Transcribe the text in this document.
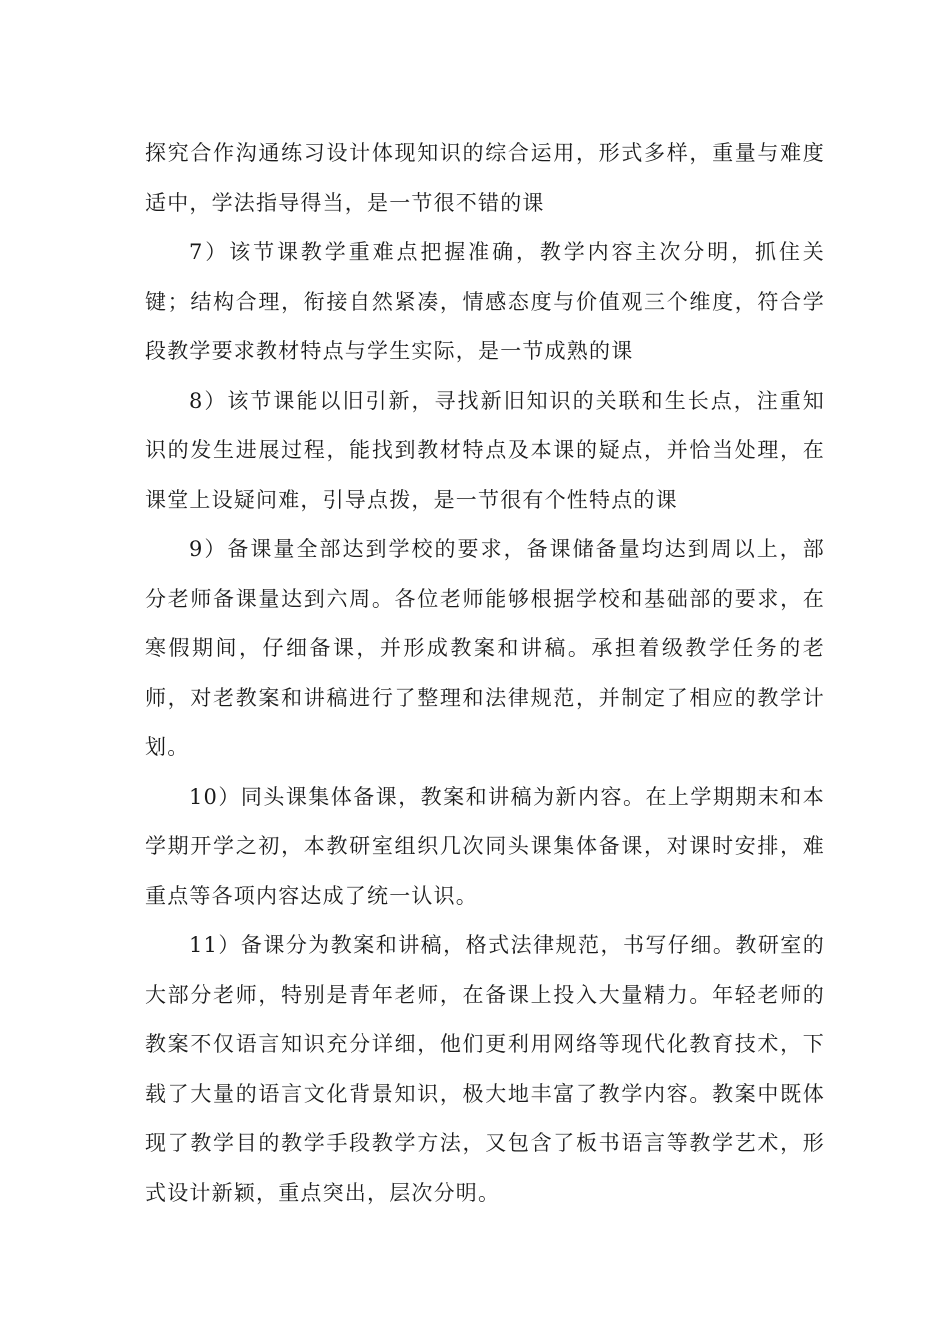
探究合作沟通练习设计体现知识的综合运用，形式多样，重量与难度适中，学法指导得当，是一节很不错的课

7）该节课教学重难点把握准确，教学内容主次分明，抓住关键；结构合理，衔接自然紧凑，情感态度与价值观三个维度，符合学段教学要求教材特点与学生实际，是一节成熟的课

8）该节课能以旧引新，寻找新旧知识的关联和生长点，注重知识的发生进展过程，能找到教材特点及本课的疑点，并恰当处理，在课堂上设疑问难，引导点拨，是一节很有个性特点的课

9）备课量全部达到学校的要求，备课储备量均达到周以上，部分老师备课量达到六周。各位老师能够根据学校和基础部的要求，在寒假期间，仔细备课，并形成教案和讲稿。承担着级教学任务的老师，对老教案和讲稿进行了整理和法律规范，并制定了相应的教学计划。

10）同头课集体备课，教案和讲稿为新内容。在上学期期末和本学期开学之初，本教研室组织几次同头课集体备课，对课时安排，难重点等各项内容达成了统一认识。

11）备课分为教案和讲稿，格式法律规范，书写仔细。教研室的大部分老师，特别是青年老师，在备课上投入大量精力。年轻老师的教案不仅语言知识充分详细，他们更利用网络等现代化教育技术，下载了大量的语言文化背景知识，极大地丰富了教学内容。教案中既体现了教学目的教学手段教学方法，又包含了板书语言等教学艺术，形式设计新颖，重点突出，层次分明。
